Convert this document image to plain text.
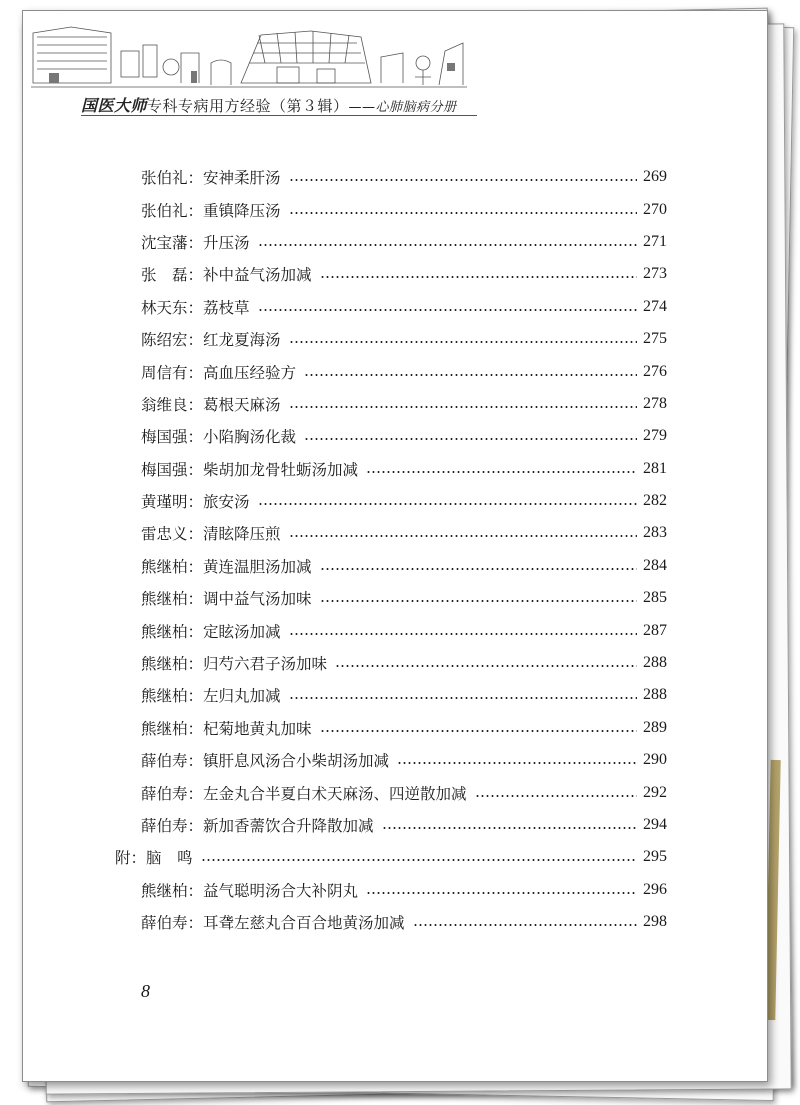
国医大师专科专病用方经验（第３辑）——心肺脑病分册
张伯礼 ： 安神柔肝汤	269
张伯礼 ： 重镇降压汤	270
沈宝藩 ： 升压汤	271
张　磊 ： 补中益气汤加减	273
林天东 ： 荔枝草	274
陈绍宏 ： 红龙夏海汤	275
周信有 ： 高血压经验方	276
翁维良 ： 葛根天麻汤	278
梅国强 ： 小陷胸汤化裁	279
梅国强 ： 柴胡加龙骨牡蛎汤加减	281
黄瑾明 ： 旅安汤	282
雷忠义 ： 清眩降压煎	283
熊继柏 ： 黄连温胆汤加减	284
熊继柏 ： 调中益气汤加味	285
熊继柏 ： 定眩汤加减	287
熊继柏 ： 归芍六君子汤加味	288
熊继柏 ： 左归丸加减	288
熊继柏 ： 杞菊地黄丸加味	289
薛伯寿 ： 镇肝息风汤合小柴胡汤加减	290
薛伯寿 ： 左金丸合半夏白术天麻汤、四逆散加减	292
薛伯寿 ： 新加香薷饮合升降散加减	294
附：脑　鸣	295
熊继柏 ： 益气聪明汤合大补阴丸	296
薛伯寿 ： 耳聋左慈丸合百合地黄汤加减	298
8
